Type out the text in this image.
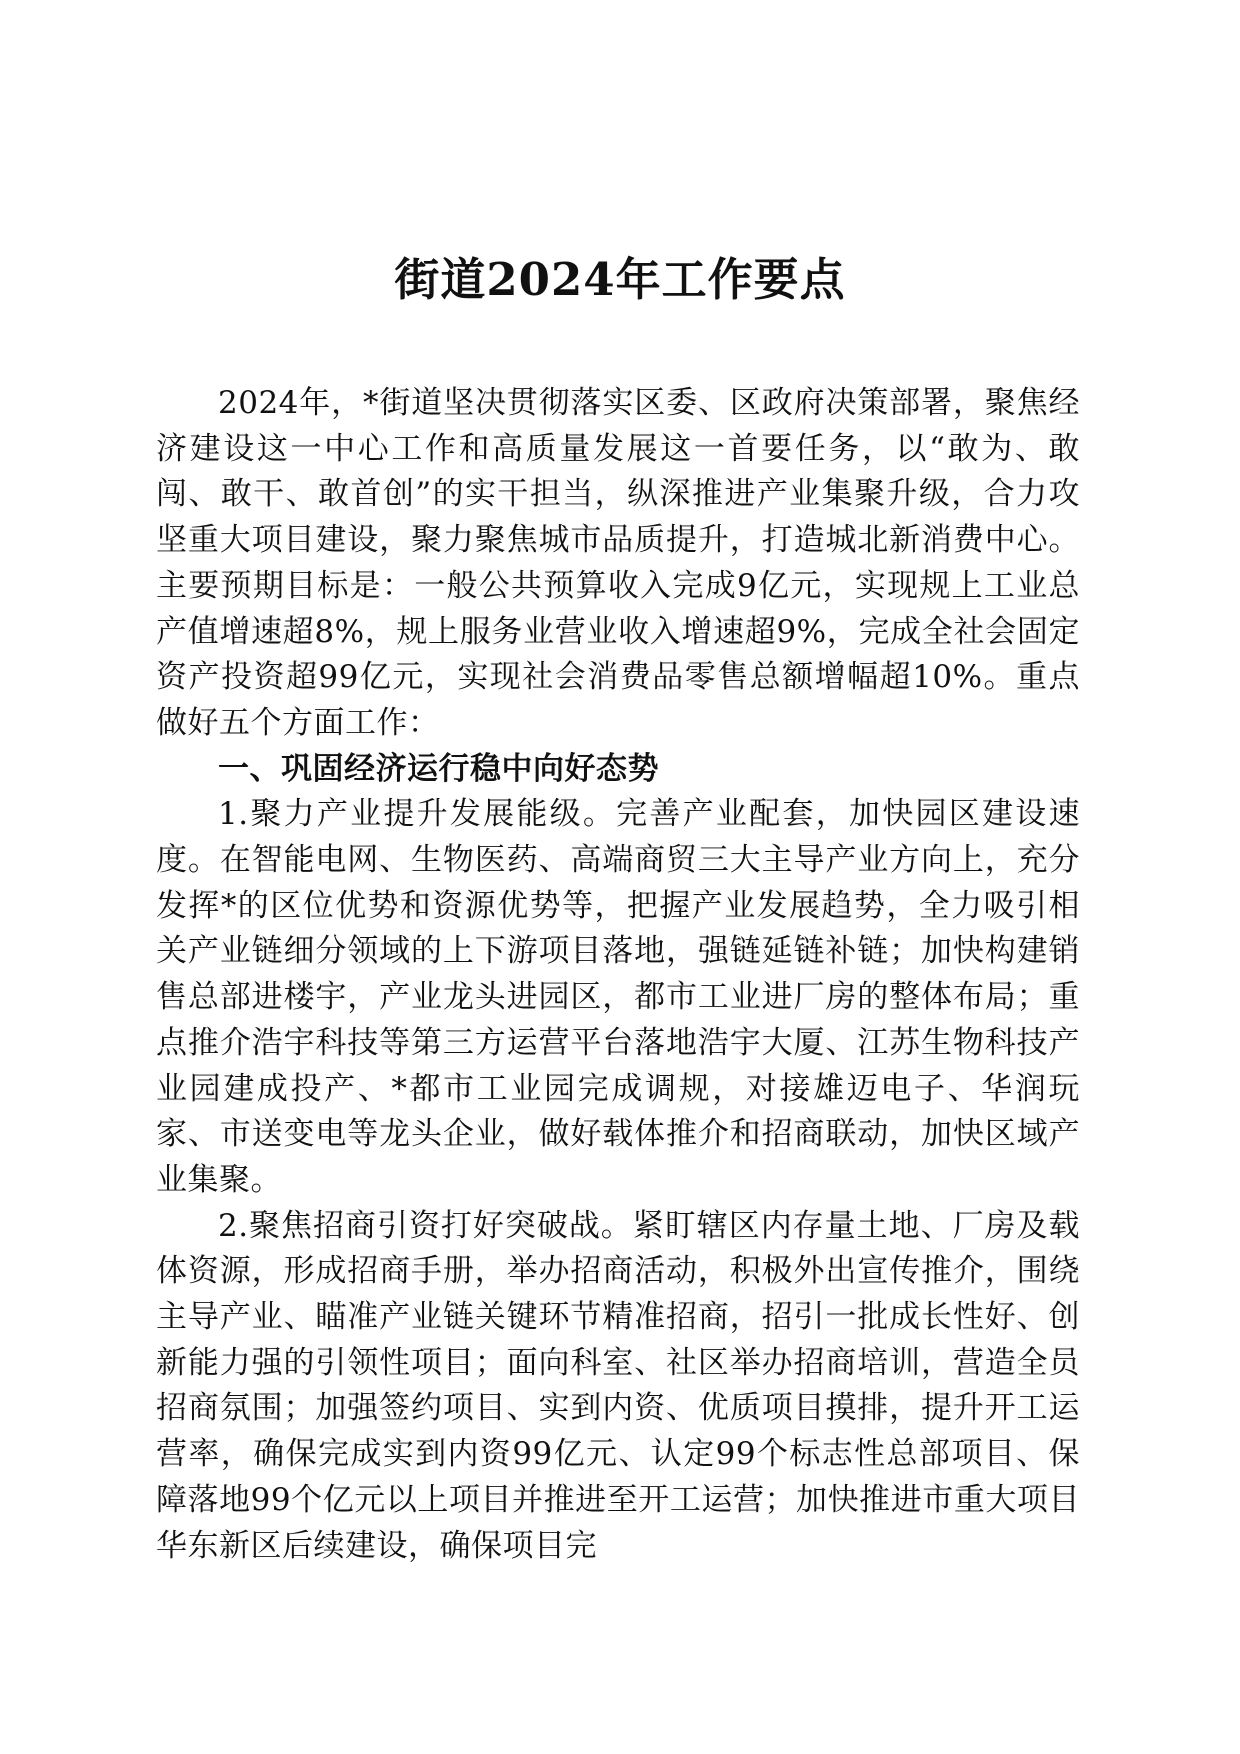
街道2024年工作要点

2024年，*街道坚决贯彻落实区委、区政府决策部署，聚焦经济建设这一中心工作和高质量发展这一首要任务，以“敢为、敢闯、敢干、敢首创”的实干担当，纵深推进产业集聚升级，合力攻坚重大项目建设，聚力聚焦城市品质提升，打造城北新消费中心。主要预期目标是：一般公共预算收入完成9亿元，实现规上工业总产值增速超8%，规上服务业营业收入增速超9%，完成全社会固定资产投资超99亿元，实现社会消费品零售总额增幅超10%。重点做好五个方面工作：

一、巩固经济运行稳中向好态势

1.聚力产业提升发展能级。完善产业配套，加快园区建设速度。在智能电网、生物医药、高端商贸三大主导产业方向上，充分发挥*的区位优势和资源优势等，把握产业发展趋势，全力吸引相关产业链细分领域的上下游项目落地，强链延链补链；加快构建销售总部进楼宇，产业龙头进园区，都市工业进厂房的整体布局；重点推介浩宇科技等第三方运营平台落地浩宇大厦、江苏生物科技产业园建成投产、*都市工业园完成调规，对接雄迈电子、华润玩家、市送变电等龙头企业，做好载体推介和招商联动，加快区域产业集聚。

2.聚焦招商引资打好突破战。紧盯辖区内存量土地、厂房及载体资源，形成招商手册，举办招商活动，积极外出宣传推介，围绕主导产业、瞄准产业链关键环节精准招商，招引一批成长性好、创新能力强的引领性项目；面向科室、社区举办招商培训，营造全员招商氛围；加强签约项目、实到内资、优质项目摸排，提升开工运营率，确保完成实到内资99亿元、认定99个标志性总部项目、保障落地99个亿元以上项目并推进至开工运营；加快推进市重大项目华东新区后续建设，确保项目完
